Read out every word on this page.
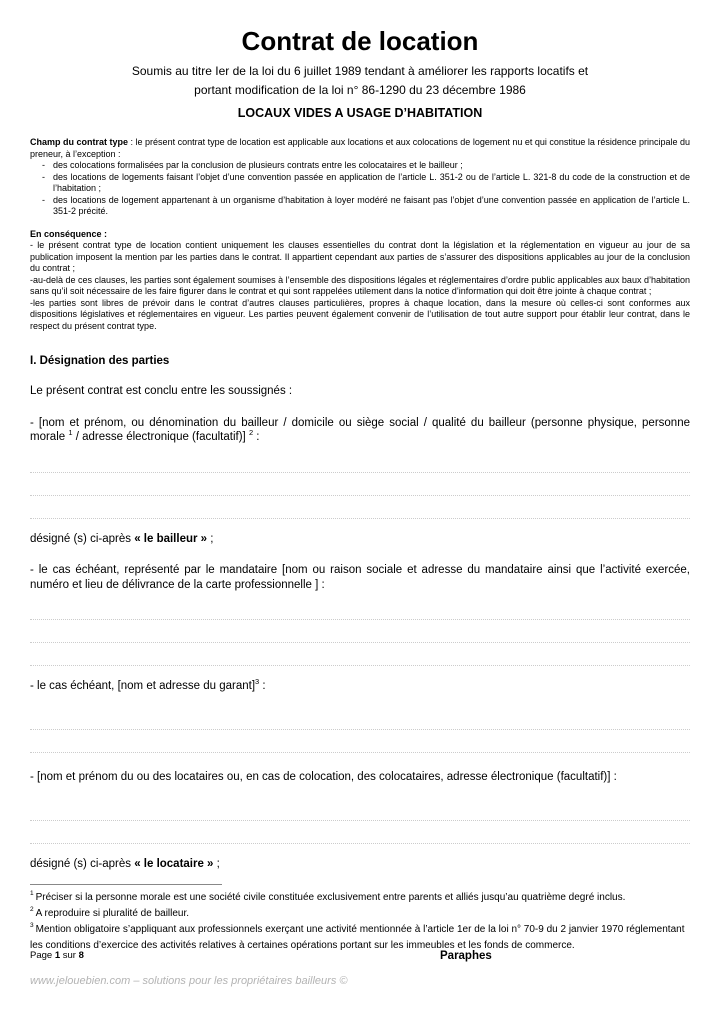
Contrat de location
Soumis au titre Ier de la loi du 6 juillet 1989 tendant à améliorer les rapports locatifs et
portant modification de la loi n° 86-1290 du 23 décembre 1986
LOCAUX VIDES A USAGE D’HABITATION

Champ du contrat type : le présent contrat type de location est applicable aux locations et aux colocations de logement nu et qui constitue la résidence principale du preneur, à l’exception :

- des colocations formalisées par la conclusion de plusieurs contrats entre les colocataires et le bailleur ;
- des locations de logements faisant l’objet d’une convention passée en application de l’article L. 351-2 ou de l’article L. 321-8 du code de la construction et de l’habitation ;
- des locations de logement appartenant à un organisme d’habitation à loyer modéré ne faisant pas l’objet d’une convention passée en application de l’article L. 351-2 précité.

En conséquence :

- le présent contrat type de location contient uniquement les clauses essentielles du contrat dont la législation et la réglementation en vigueur au jour de sa publication imposent la mention par les parties dans le contrat. Il appartient cependant aux parties de s’assurer des dispositions applicables au jour de la conclusion du contrat ;

-au-delà de ces clauses, les parties sont également soumises à l’ensemble des dispositions légales et réglementaires d’ordre public applicables aux baux d’habitation sans qu’il soit nécessaire de les faire figurer dans le contrat et qui sont rappelées utilement dans la notice d’information qui doit être jointe à chaque contrat ;

-les parties sont libres de prévoir dans le contrat d’autres clauses particulières, propres à chaque location, dans la mesure où celles-ci sont conformes aux dispositions législatives et réglementaires en vigueur. Les parties peuvent également convenir de l’utilisation de tout autre support pour établir leur contrat, dans le respect du présent contrat type.

I. Désignation des parties

Le présent contrat est conclu entre les soussignés :

- [nom et prénom, ou dénomination du bailleur / domicile ou siège social / qualité du bailleur (personne physique, personne morale $^1$ / adresse électronique (facultatif)] $^2$ :

désigné (s) ci-après « le bailleur » ;

- le cas échéant, représenté par le mandataire [nom ou raison sociale et adresse du mandataire ainsi que l’activité exercée, numéro et lieu de délivrance de la carte professionnelle ] :

- le cas échéant, [nom et adresse du garant]$^3$ :

- [nom et prénom du ou des locataires ou, en cas de colocation, des colocataires, adresse électronique (facultatif)] :

désigné (s) ci-après « le locataire » ;

$^1$ Préciser si la personne morale est une société civile constituée exclusivement entre parents et alliés jusqu’au quatrième degré inclus.

$^2$ A reproduire si pluralité de bailleur.

$^3$ Mention obligatoire s’appliquant aux professionnels exerçant une activité mentionnée à l’article 1er de la loi n° 70-9 du 2 janvier 1970 réglementant les conditions d’exercice des activités relatives à certaines opérations portant sur les immeubles et les fonds de commerce.

Page 1 sur 8	Paraphes
www.jelouebien.com – solutions pour les propriétaires bailleurs ©
